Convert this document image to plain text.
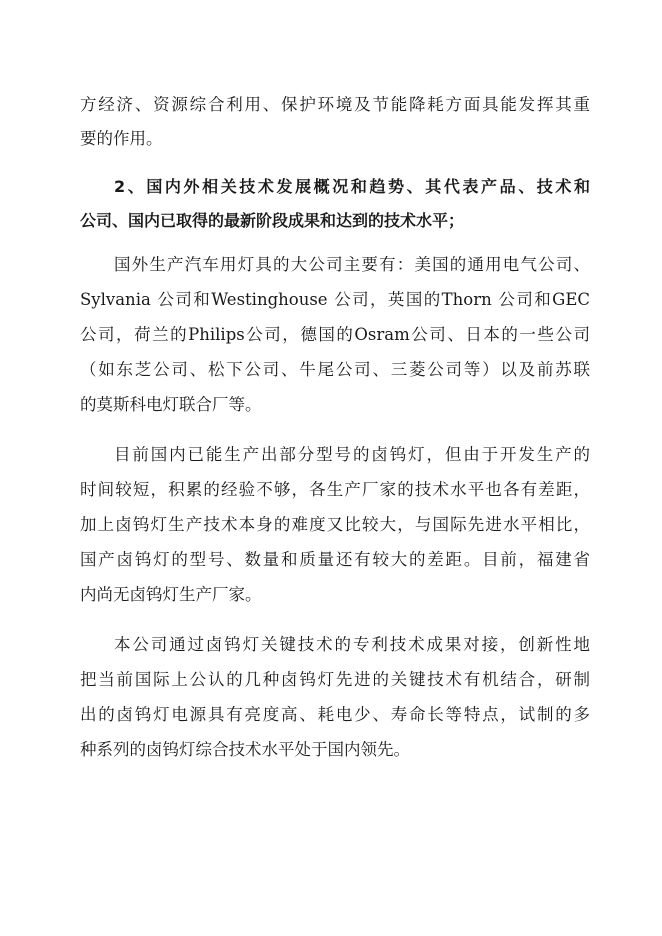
方经济、资源综合利用、保护环境及节能降耗方面具能发挥其重
要的作用。
2、国内外相关技术发展概况和趋势、其代表产品、技术和
公司、国内已取得的最新阶段成果和达到的技术水平；
国外生产汽车用灯具的大公司主要有：美国的通用电气公司、
Sylvania 公司和Westinghouse 公司，英国的Thorn 公司和GEC
公司，荷兰的Philips公司，德国的Osram公司、日本的一些公司
（如东芝公司、松下公司、牛尾公司、三菱公司等）以及前苏联
的莫斯科电灯联合厂等。
目前国内已能生产出部分型号的卤钨灯，但由于开发生产的
时间较短，积累的经验不够，各生产厂家的技术水平也各有差距，
加上卤钨灯生产技术本身的难度又比较大，与国际先进水平相比，
国产卤钨灯的型号、数量和质量还有较大的差距。目前，福建省
内尚无卤钨灯生产厂家。
本公司通过卤钨灯关键技术的专利技术成果对接，创新性地
把当前国际上公认的几种卤钨灯先进的关键技术有机结合，研制
出的卤钨灯电源具有亮度高、耗电少、寿命长等特点，试制的多
种系列的卤钨灯综合技术水平处于国内领先。
